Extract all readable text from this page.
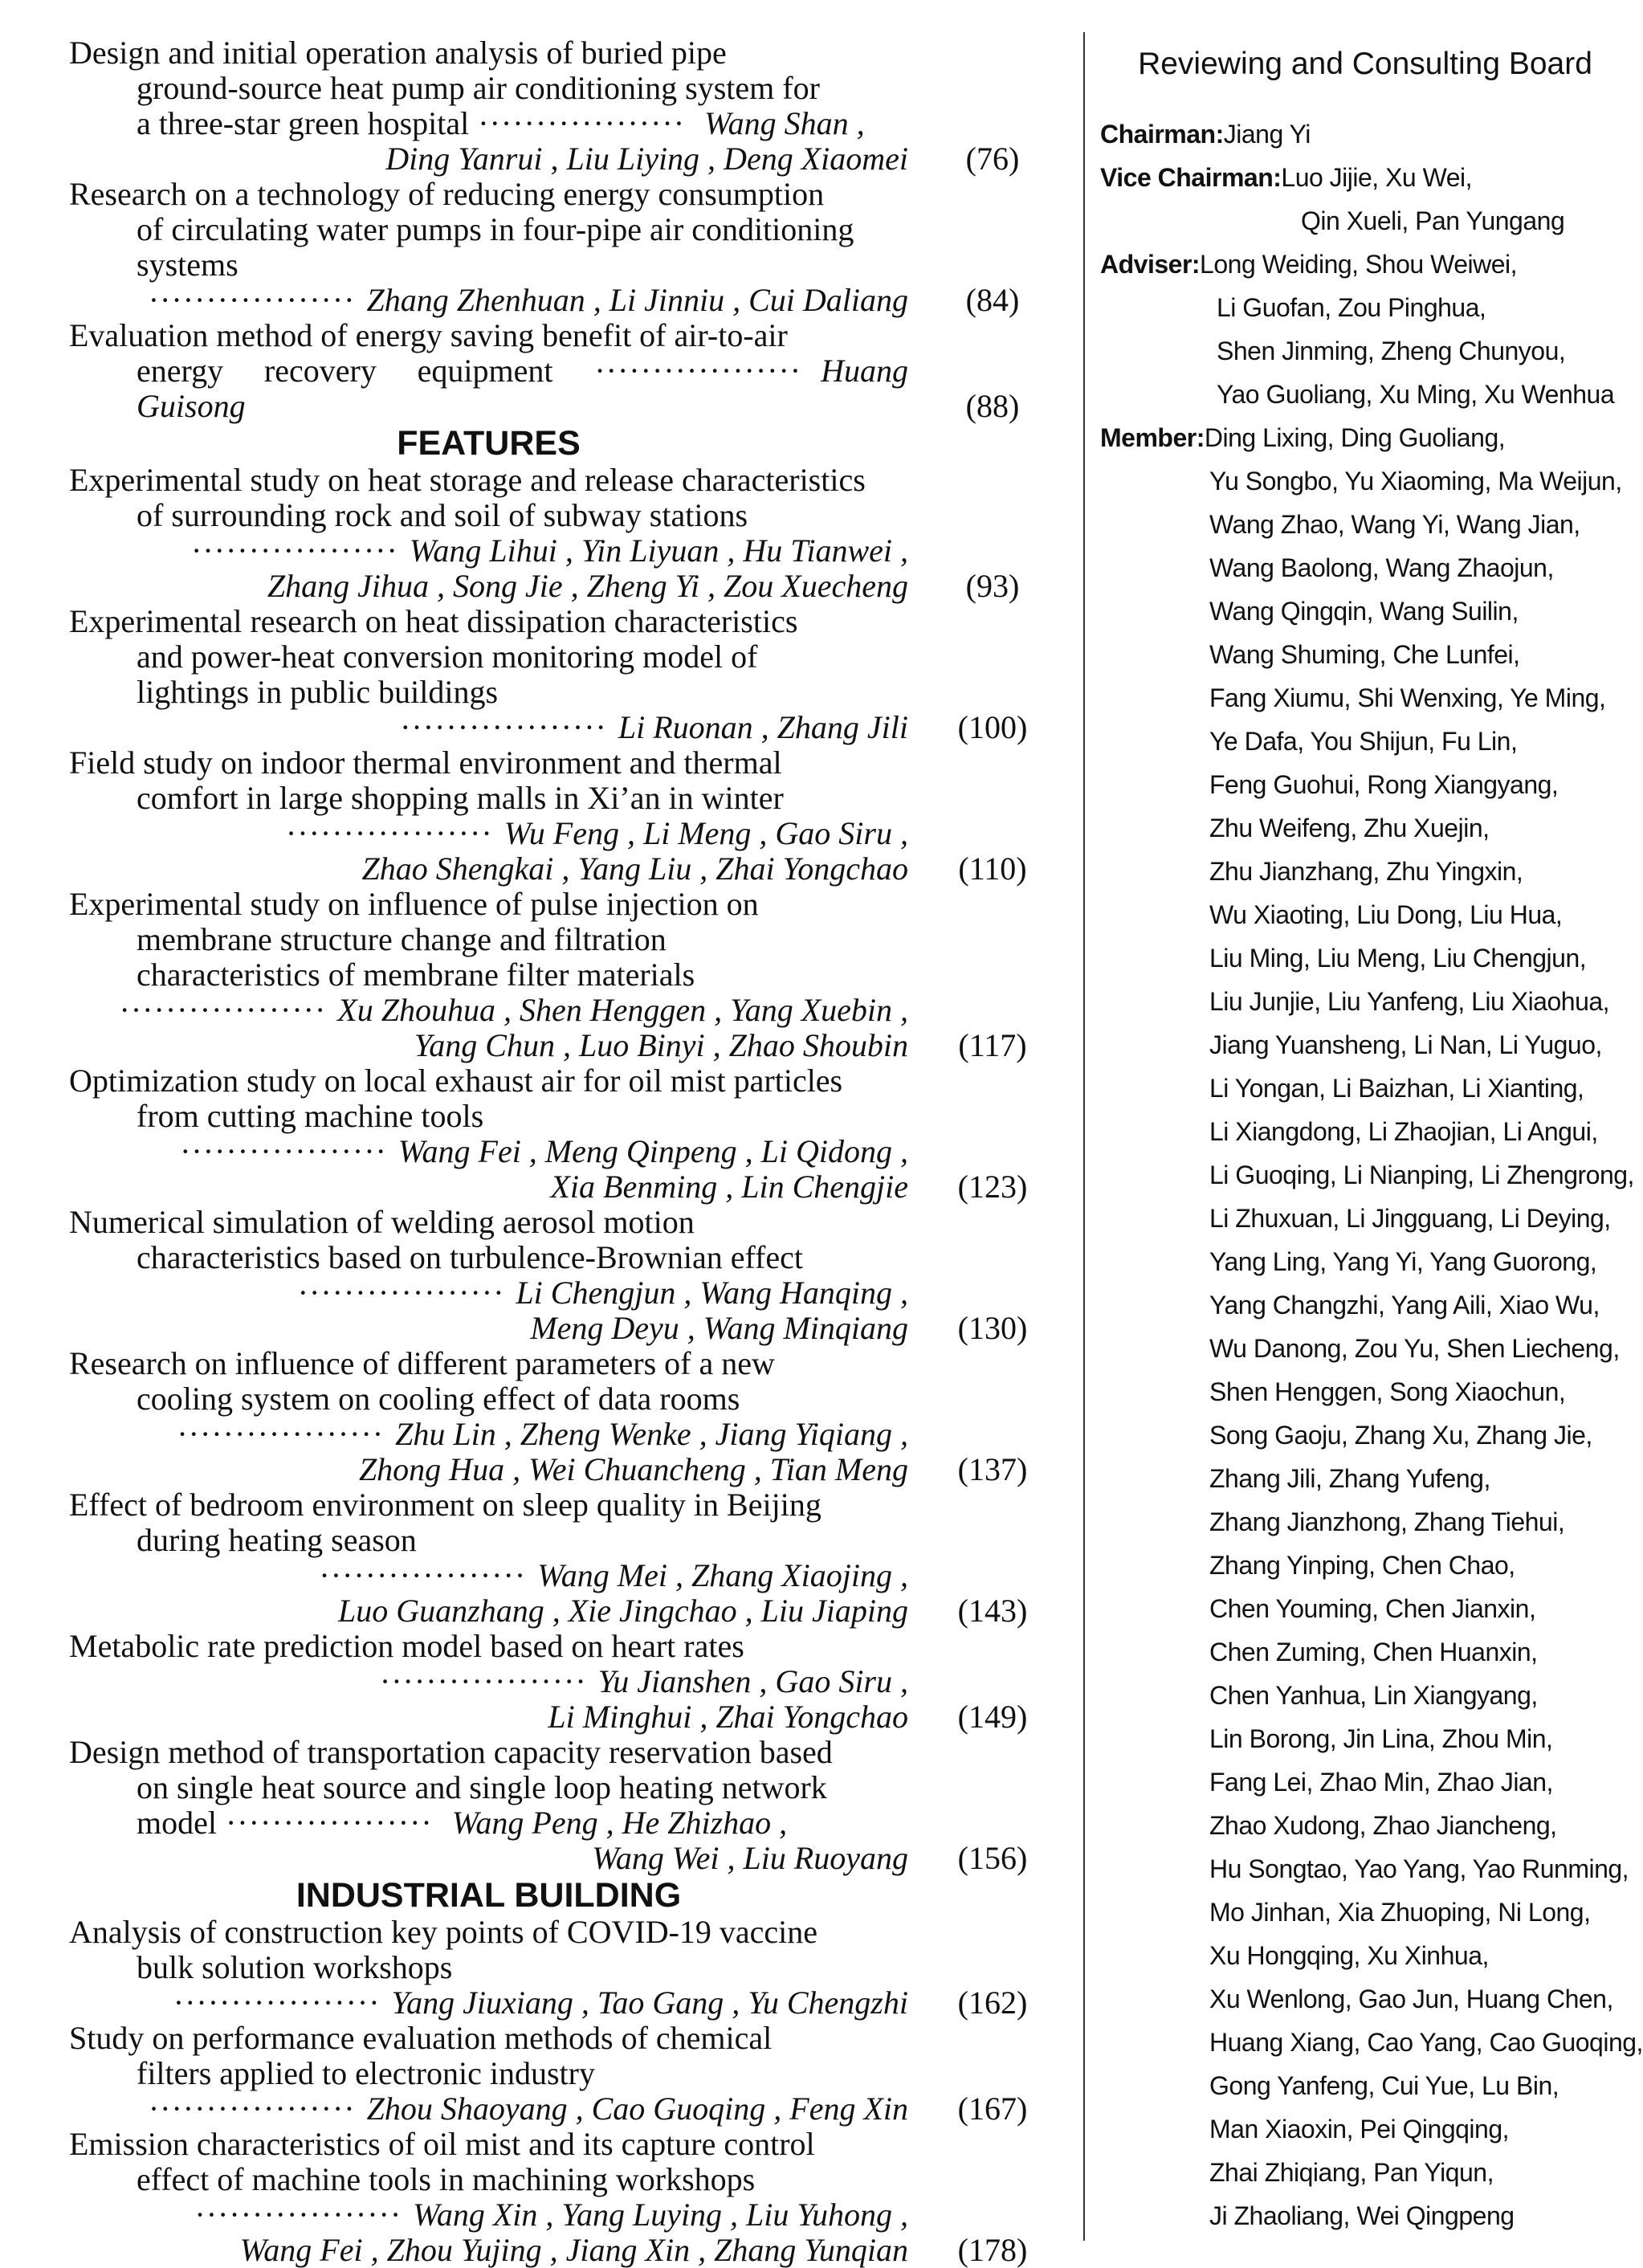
Design and initial operation analysis of buried pipe
ground-source heat pump air conditioning system for
a three-star green hospital ·················· Wang Shan ,
Ding Yanrui , Liu Liying , Deng Xiaomei	(76)
Research on a technology of reducing energy consumption
of circulating water pumps in four-pipe air conditioning
systems
·················· Zhang Zhenhuan , Li Jinniu , Cui Daliang	(84)
Evaluation method of energy saving benefit of air-to-air
energy recovery equipment ·················· Huang Guisong	(88)
FEATURES
Experimental study on heat storage and release characteristics
of surrounding rock and soil of subway stations
·················· Wang Lihui , Yin Liyuan , Hu Tianwei ,
Zhang Jihua , Song Jie , Zheng Yi , Zou Xuecheng	(93)
Experimental research on heat dissipation characteristics
and power-heat conversion monitoring model of
lightings in public buildings
·················· Li Ruonan , Zhang Jili	(100)
Field study on indoor thermal environment and thermal
comfort in large shopping malls in Xi’an in winter
·················· Wu Feng , Li Meng , Gao Siru ,
Zhao Shengkai , Yang Liu , Zhai Yongchao	(110)
Experimental study on influence of pulse injection on
membrane structure change and filtration
characteristics of membrane filter materials
·················· Xu Zhouhua , Shen Henggen , Yang Xuebin ,
Yang Chun , Luo Binyi , Zhao Shoubin	(117)
Optimization study on local exhaust air for oil mist particles
from cutting machine tools
·················· Wang Fei , Meng Qinpeng , Li Qidong ,
Xia Benming , Lin Chengjie	(123)
Numerical simulation of welding aerosol motion
characteristics based on turbulence-Brownian effect
·················· Li Chengjun , Wang Hanqing ,
Meng Deyu , Wang Minqiang	(130)
Research on influence of different parameters of a new
cooling system on cooling effect of data rooms
·················· Zhu Lin , Zheng Wenke , Jiang Yiqiang ,
Zhong Hua , Wei Chuancheng , Tian Meng	(137)
Effect of bedroom environment on sleep quality in Beijing
during heating season
·················· Wang Mei , Zhang Xiaojing ,
Luo Guanzhang , Xie Jingchao , Liu Jiaping	(143)
Metabolic rate prediction model based on heart rates
·················· Yu Jianshen , Gao Siru ,
Li Minghui , Zhai Yongchao	(149)
Design method of transportation capacity reservation based
on single heat source and single loop heating network
model ·················· Wang Peng , He Zhizhao ,
Wang Wei , Liu Ruoyang	(156)
INDUSTRIAL BUILDING
Analysis of construction key points of COVID-19 vaccine
bulk solution workshops
·················· Yang Jiuxiang , Tao Gang , Yu Chengzhi	(162)
Study on performance evaluation methods of chemical
filters applied to electronic industry
·················· Zhou Shaoyang , Cao Guoqing , Feng Xin	(167)
Emission characteristics of oil mist and its capture control
effect of machine tools in machining workshops
·················· Wang Xin , Yang Luying , Liu Yuhong ,
Wang Fei , Zhou Yujing , Jiang Xin , Zhang Yunqian	(178)
Reviewing and Consulting Board
Chairman:Jiang Yi
Vice Chairman:Luo Jijie, Xu Wei,
Qin Xueli, Pan Yungang
Adviser:Long Weiding, Shou Weiwei,
Li Guofan, Zou Pinghua,
Shen Jinming, Zheng Chunyou,
Yao Guoliang, Xu Ming, Xu Wenhua
Member:Ding Lixing, Ding Guoliang,
Yu Songbo, Yu Xiaoming, Ma Weijun,
Wang Zhao, Wang Yi, Wang Jian,
Wang Baolong, Wang Zhaojun,
Wang Qingqin, Wang Suilin,
Wang Shuming, Che Lunfei,
Fang Xiumu, Shi Wenxing, Ye Ming,
Ye Dafa, You Shijun, Fu Lin,
Feng Guohui, Rong Xiangyang,
Zhu Weifeng, Zhu Xuejin,
Zhu Jianzhang, Zhu Yingxin,
Wu Xiaoting, Liu Dong, Liu Hua,
Liu Ming, Liu Meng, Liu Chengjun,
Liu Junjie, Liu Yanfeng, Liu Xiaohua,
Jiang Yuansheng, Li Nan, Li Yuguo,
Li Yongan, Li Baizhan, Li Xianting,
Li Xiangdong, Li Zhaojian, Li Angui,
Li Guoqing, Li Nianping, Li Zhengrong,
Li Zhuxuan, Li Jingguang, Li Deying,
Yang Ling, Yang Yi, Yang Guorong,
Yang Changzhi, Yang Aili, Xiao Wu,
Wu Danong, Zou Yu, Shen Liecheng,
Shen Henggen, Song Xiaochun,
Song Gaoju, Zhang Xu, Zhang Jie,
Zhang Jili, Zhang Yufeng,
Zhang Jianzhong, Zhang Tiehui,
Zhang Yinping, Chen Chao,
Chen Youming, Chen Jianxin,
Chen Zuming, Chen Huanxin,
Chen Yanhua, Lin Xiangyang,
Lin Borong, Jin Lina, Zhou Min,
Fang Lei, Zhao Min, Zhao Jian,
Zhao Xudong, Zhao Jiancheng,
Hu Songtao, Yao Yang, Yao Runming,
Mo Jinhan, Xia Zhuoping, Ni Long,
Xu Hongqing, Xu Xinhua,
Xu Wenlong, Gao Jun, Huang Chen,
Huang Xiang, Cao Yang, Cao Guoqing,
Gong Yanfeng, Cui Yue, Lu Bin,
Man Xiaoxin, Pei Qingqing,
Zhai Zhiqiang, Pan Yiqun,
Ji Zhaoliang, Wei Qingpeng
